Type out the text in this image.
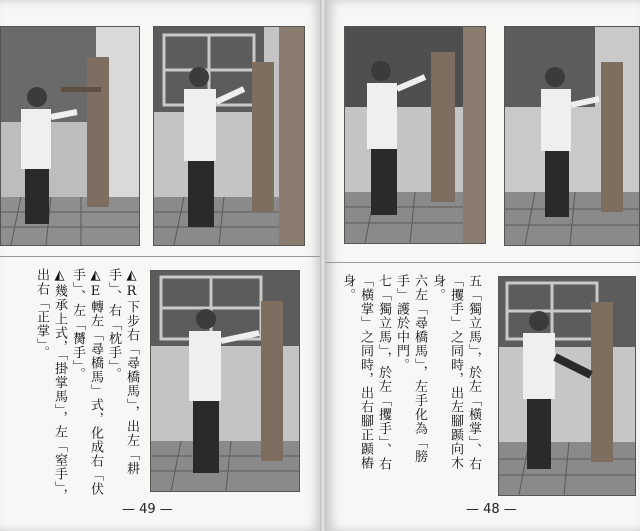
◭R下步右「尋橋馬」，出左「耕手」、右「枕手」。
◭E轉左「尋橋馬」式，化成右「伏手」、左「膥手」。
◭幾承上式，「掛掌馬」，左「窒手」，出右「正掌」。
— 49 —
五「獨立馬」，於左「橫掌」、右「攫手」之同時，出左腳踬向木身。
六左「尋橋馬」，左手化為「膀手」護於中門。
七「獨立馬」，於左「攫手」、右「橫掌」之同時，出右腳正踬樁身。
— 48 —
